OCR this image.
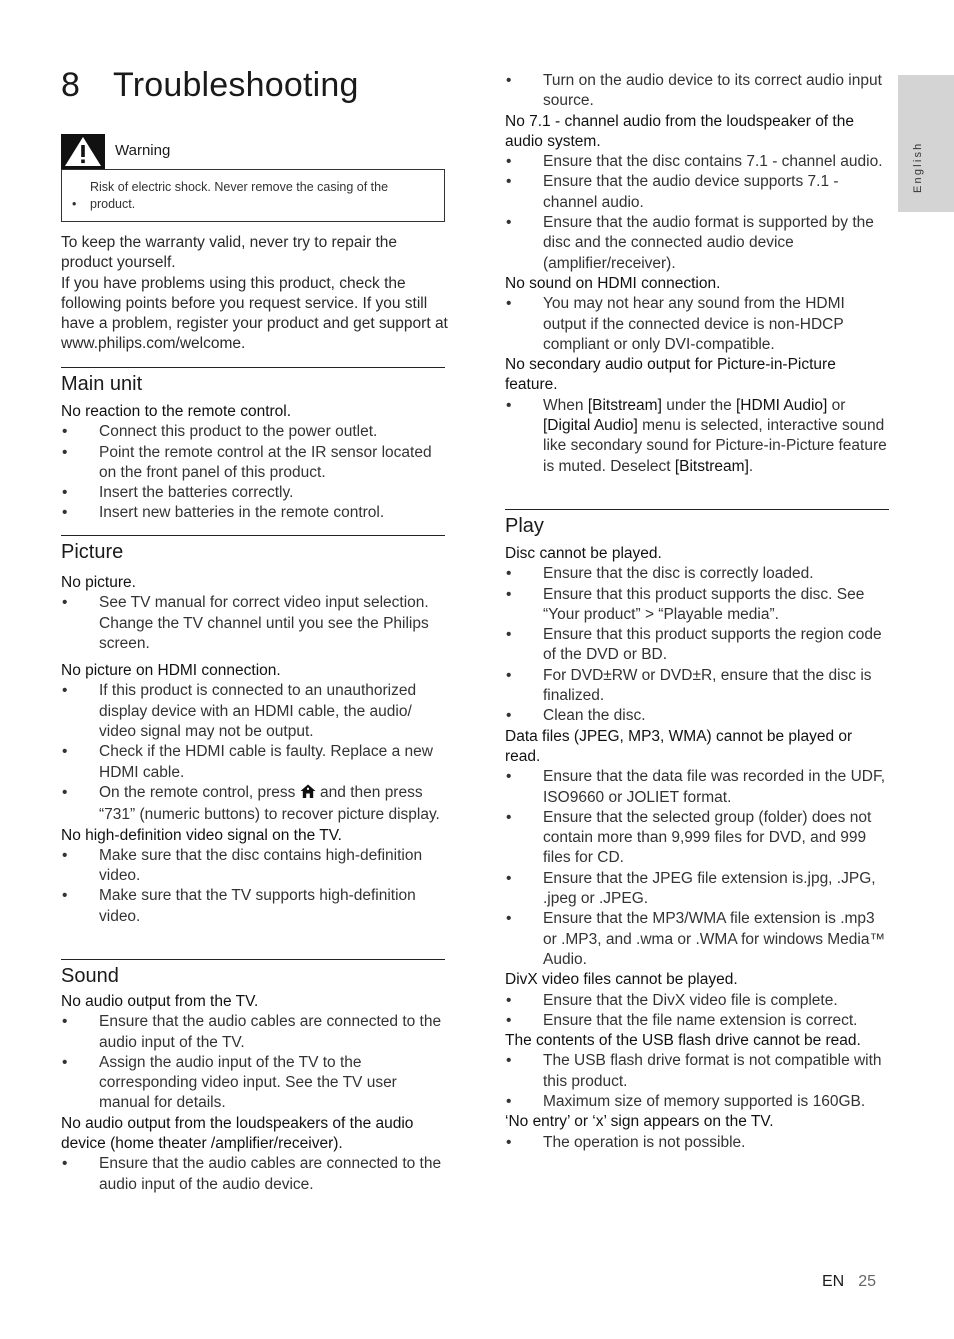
8 Troubleshooting
Warning
•Risk of electric shock. Never remove the casing of the product.
To keep the warranty valid, never try to repair the product yourself.
If you have problems using this product, check the following points before you request service. If you still have a problem, register your product and get support at www.philips.com/welcome.
Main unit
No reaction to the remote control.
• Connect this product to the power outlet.
• Point the remote control at the IR sensor located on the front panel of this product.
• Insert the batteries correctly.
• Insert new batteries in the remote control.
Picture
No picture.
• See TV manual for correct video input selection. Change the TV channel until you see the Philips screen.
No picture on HDMI connection.
• If this product is connected to an unauthorized display device with an HDMI cable, the audio/ video signal may not be output.
• Check if the HDMI cable is faulty. Replace a new HDMI cable.
• On the remote control, press and then press “731” (numeric buttons) to recover picture display.
No high-definition video signal on the TV.
• Make sure that the disc contains high-definition video.
• Make sure that the TV supports high-definition video.
Sound
No audio output from the TV.
• Ensure that the audio cables are connected to the audio input of the TV.
• Assign the audio input of the TV to the corresponding video input. See the TV user manual for details.
No audio output from the loudspeakers of the audio device (home theater /amplifier/receiver).
• Ensure that the audio cables are connected to the audio input of the audio device.
• Turn on the audio device to its correct audio input source.
No 7.1 - channel audio from the loudspeaker of the audio system.
• Ensure that the disc contains 7.1 - channel audio.
• Ensure that the audio device supports 7.1 - channel audio.
• Ensure that the audio format is supported by the disc and the connected audio device (amplifier/receiver).
No sound on HDMI connection.
• You may not hear any sound from the HDMI output if the connected device is non-HDCP compliant or only DVI-compatible.
No secondary audio output for Picture-in-Picture feature.
• When [Bitstream] under the [HDMI Audio] or [Digital Audio] menu is selected, interactive sound like secondary sound for Picture-in-Picture feature is muted. Deselect [Bitstream].
Play
Disc cannot be played.
• Ensure that the disc is correctly loaded.
• Ensure that this product supports the disc. See “Your product” > “Playable media”.
• Ensure that this product supports the region code of the DVD or BD.
• For DVD±RW or DVD±R, ensure that the disc is finalized.
• Clean the disc.
Data files (JPEG, MP3, WMA) cannot be played or read.
• Ensure that the data file was recorded in the UDF, ISO9660 or JOLIET format.
• Ensure that the selected group (folder) does not contain more than 9,999 files for DVD, and 999 files for CD.
• Ensure that the JPEG file extension is.jpg, .JPG, .jpeg or .JPEG.
• Ensure that the MP3/WMA file extension is .mp3 or .MP3, and .wma or .WMA for windows Media™ Audio.
DivX video files cannot be played.
• Ensure that the DivX video file is complete.
• Ensure that the file name extension is correct.
The contents of the USB flash drive cannot be read.
• The USB flash drive format is not compatible with this product.
• Maximum size of memory supported is 160GB.
‘No entry’ or ‘x’ sign appears on the TV.
• The operation is not possible.
English
EN 25
